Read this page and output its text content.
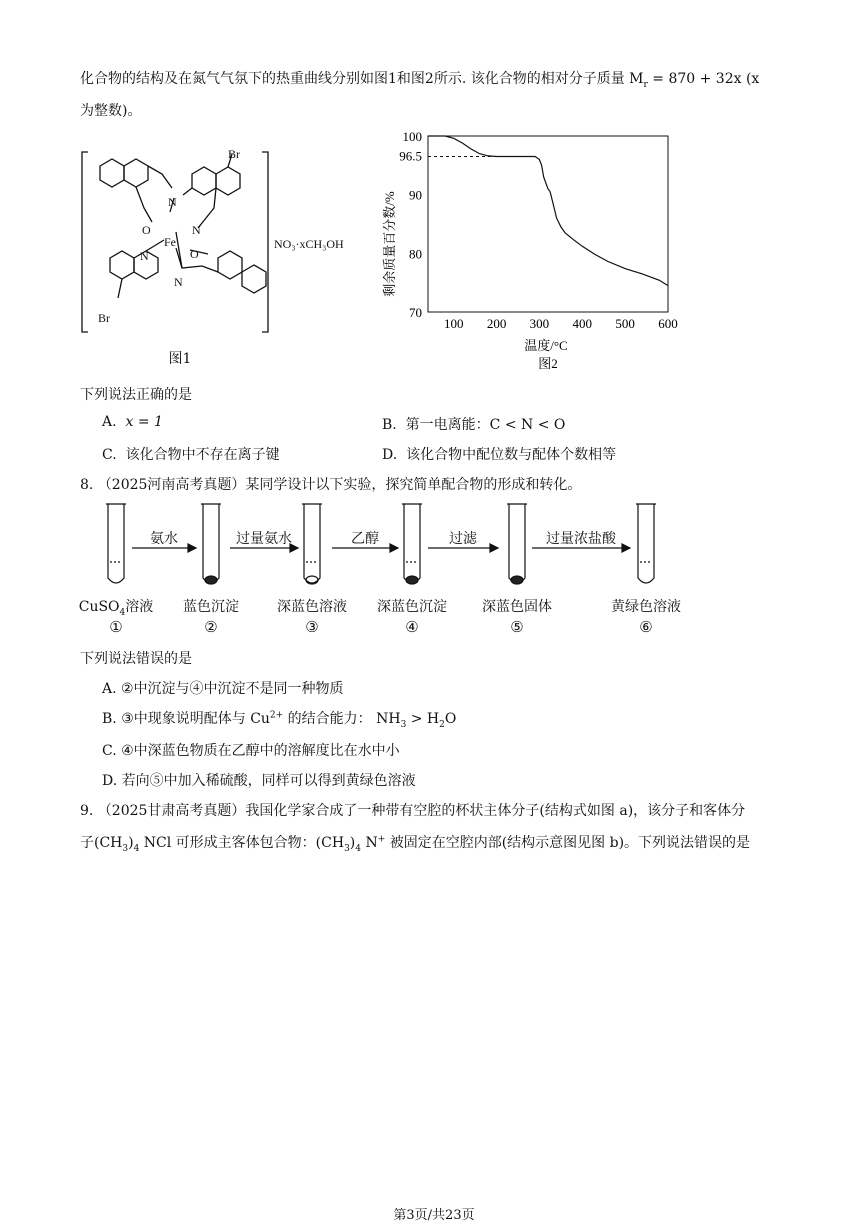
化合物的结构及在氮气气氛下的热重曲线分别如图1和图2所示. 该化合物的相对分子质量 $M_r = 870 + 32x$ (x
为整数)。
Br
N
N
O
Fe
N	O
N
Br
NO₃·xCH₃OH
图1
100 200 300 400 500 600
70
80
90
100
96.5
剩余质量百分数/%
温度/°C
图2
下列说法正确的是
A. x = 1	B. 第一电离能：C < N < O
C. 该化合物中不存在离子键	D. 该化合物中配位数与配体个数相等
8. （2025河南高考真题）某同学设计以下实验，探究简单配合物的形成和转化。
氨水	过量氨水	乙醇	过滤	过量浓盐酸
CuSO$_4$溶液
①
蓝色沉淀
②
深蓝色溶液
③
深蓝色沉淀
④
深蓝色固体
⑤
黄绿色溶液
⑥
下列说法错误的是
A. ②中沉淀与④中沉淀不是同一种物质
B. ③中现象说明配体与 $Cu^{2+}$ 的结合能力： $NH_3 > H_2O$
C. ④中深蓝色物质在乙醇中的溶解度比在水中小
D. 若向⑤中加入稀硫酸，同样可以得到黄绿色溶液
9. （2025甘肃高考真题）我国化学家合成了一种带有空腔的杯状主体分子(结构式如图 a)，该分子和客体分
子$(CH_3)_4$ NCl 可形成主客体包合物：$(CH_3)_4$ N+ 被固定在空腔内部(结构示意图见图 b)。下列说法错误的是
第3页/共23页
